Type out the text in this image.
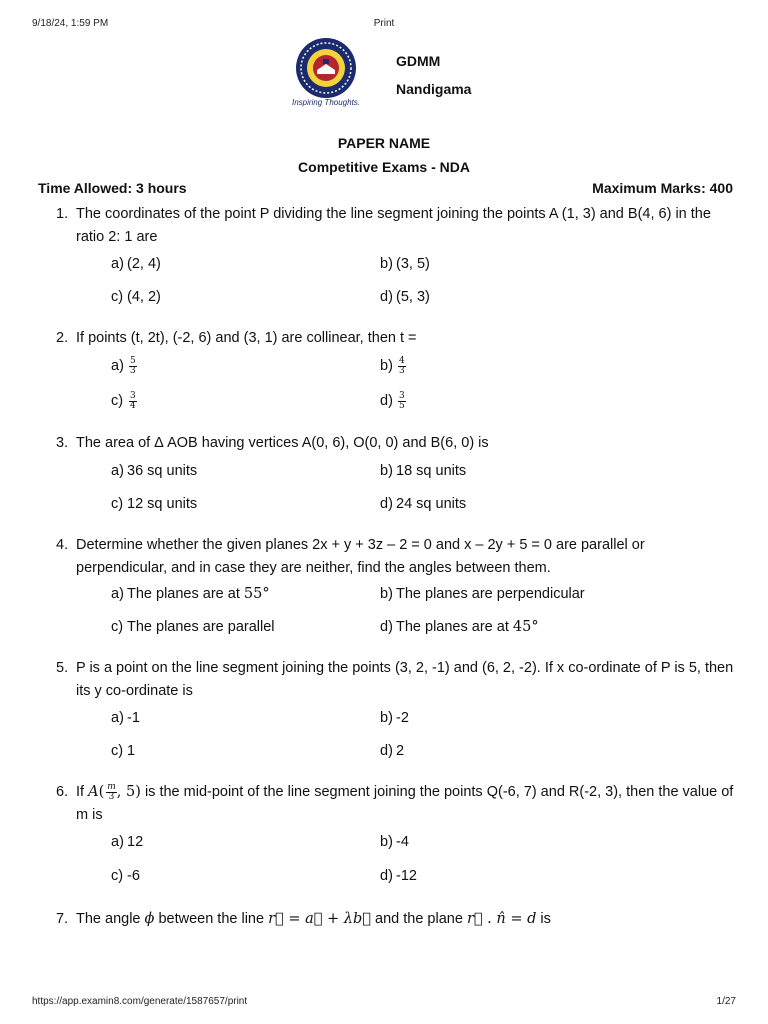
9/18/24, 1:59 PM	Print
Inspiring Thoughts.
GDMM
Nandigama
PAPER NAME
Competitive Exams - NDA
Time Allowed: 3 hours	Maximum Marks: 400
1. The coordinates of the point P dividing the line segment joining the points A (1, 3) and B(4, 6) in the ratio 2: 1 are
a) (2, 4)	b) (3, 5)
c) (4, 2)	d) (5, 3)
2. If points (t, 2t), (-2, 6) and (3, 1) are collinear, then t =
$a) \frac{5}{3}$	$b) \frac{4}{3}$
$c) \frac{3}{4}$	$d) \frac{3}{5}$
3. The area of Δ AOB having vertices A(0, 6), O(0, 0) and B(6, 0) is
a) 36 sq units	b) 18 sq units
c) 12 sq units	d) 24 sq units
4. Determine whether the given planes 2x + y + 3z – 2 = 0 and x – 2y + 5 = 0 are parallel or perpendicular, and in case they are neither, find the angles between them.
a) The planes are at 55°	b) The planes are perpendicular
c) The planes are parallel	d) The planes are at 45°
5. P is a point on the line segment joining the points (3, 2, -1) and (6, 2, -2). If x co-ordinate of P is 5, then its y co-ordinate is
a) -1	b) -2
c) 1	d) 2
6. If $A( \frac{m}{3}$ , 5) is the mid-point of the line segment joining the points Q(-6, 7) and R(-2, 3), then the value of m is
a) 12	b) -4
c) -6	d) -12
7. The angle ϕ between the line r⃗ = a⃗ + λb⃗ and the plane r⃗ . n̂ = d is
https://app.examin8.com/generate/1587657/print	1/27
